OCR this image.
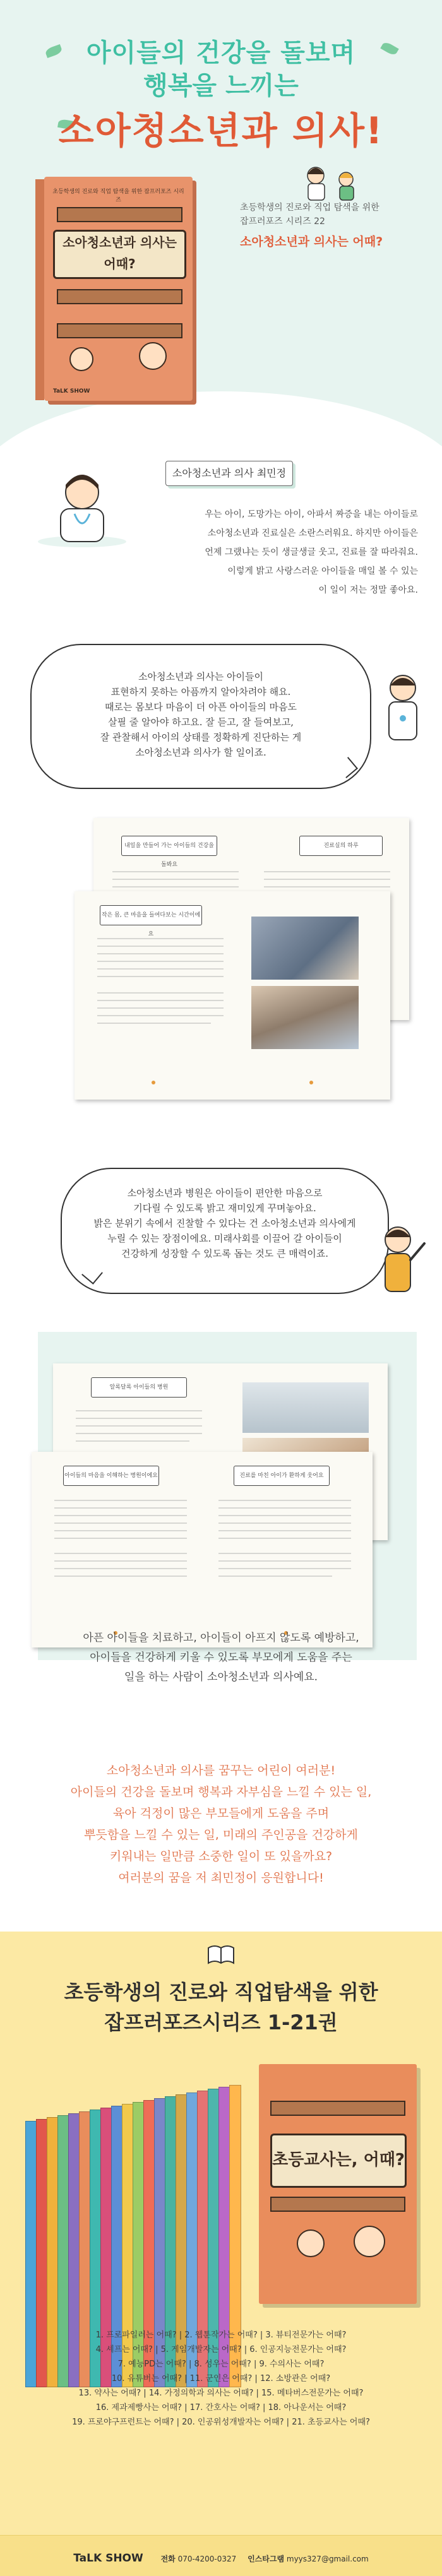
아이들의 건강을 돌보며
행복을 느끼는
소아청소년과 의사!
초등학생의 진로와 직업 탐색을 위한 잡프러포즈 시리즈
소아청소년과 의사는 어때?
TaLK SHOW
초등학생의 진로와 직업 탐색을 위한
잡프러포즈 시리즈 22
소아청소년과 의사는 어때?
소아청소년과 의사 최민정
우는 아이, 도망가는 아이, 아파서 짜증을 내는 아이들로
소아청소년과 진료실은 소란스러워요. 하지만 아이들은
언제 그랬냐는 듯이 생글생글 웃고, 진료를 잘 따라줘요.
이렇게 밝고 사랑스러운 아이들을 매일 볼 수 있는
이 일이 저는 정말 좋아요.
소아청소년과 의사는 아이들이
표현하지 못하는 아픔까지 알아차려야 해요.
때로는 몸보다 마음이 더 아픈 아이들의 마음도
살필 줄 알아야 하고요. 잘 듣고, 잘 들여보고,
잘 관찰해서 아이의 상태를 정확하게 진단하는 게
소아청소년과 의사가 할 일이죠.
내일을 만들어 가는 아이들의 건강을 돌봐요
진료실의 하루
작은 몸, 큰 마음을 들여다보는 시간이에요
소아청소년과 병원은 아이들이 편안한 마음으로
기다릴 수 있도록 밝고 재미있게 꾸며놓아요.
밝은 분위기 속에서 진찰할 수 있다는 건 소아청소년과 의사에게
누릴 수 있는 장점이에요. 미래사회를 이끌어 갈 아이들이
건강하게 성장할 수 있도록 돕는 것도 큰 매력이죠.
알록달록 아이들의 병원
아이들의 마음을 이해하는 병원이에요	진료를 마친 아이가 환하게 웃어요
아픈 아이들을 치료하고, 아이들이 아프지 않도록 예방하고,
아이들을 건강하게 키울 수 있도록 부모에게 도움을 주는
일을 하는 사람이 소아청소년과 의사예요.
소아청소년과 의사를 꿈꾸는 어린이 여러분!
아이들의 건강을 돌보며 행복과 자부심을 느낄 수 있는 일,
육아 걱정이 많은 부모들에게 도움을 주며
뿌듯함을 느낄 수 있는 일, 미래의 주인공을 건강하게
키워내는 일만큼 소중한 일이 또 있을까요?
여러분의 꿈을 저 최민정이 응원합니다!
초등학생의 진로와 직업탐색을 위한
잡프러포즈시리즈 1-21권
초등교사는, 어때?
1. 프로파일러는 어때? | 2. 웹툰작가는 어때? | 3. 뷰티전문가는 어때?
4. 셰프는 어때? | 5. 게임개발자는 어때? | 6. 인공지능전문가는 어때?
7. 예능PD는 어때? | 8. 성우는 어때? | 9. 수의사는 어때?
10. 유튜버는 어때? | 11. 군인은 어때? | 12. 소방관은 어때?
13. 약사는 어때? | 14. 가정의학과 의사는 어때? | 15. 메타버스전문가는 어때?
16. 제과제빵사는 어때? | 17. 간호사는 어때? | 18. 아나운서는 어때?
19. 프로야구프런트는 어때? | 20. 인공위성개발자는 어때? | 21. 초등교사는 어때?
TaLK SHOW 전화 070-4200-0327 인스타그램 myys327@gmail.com
